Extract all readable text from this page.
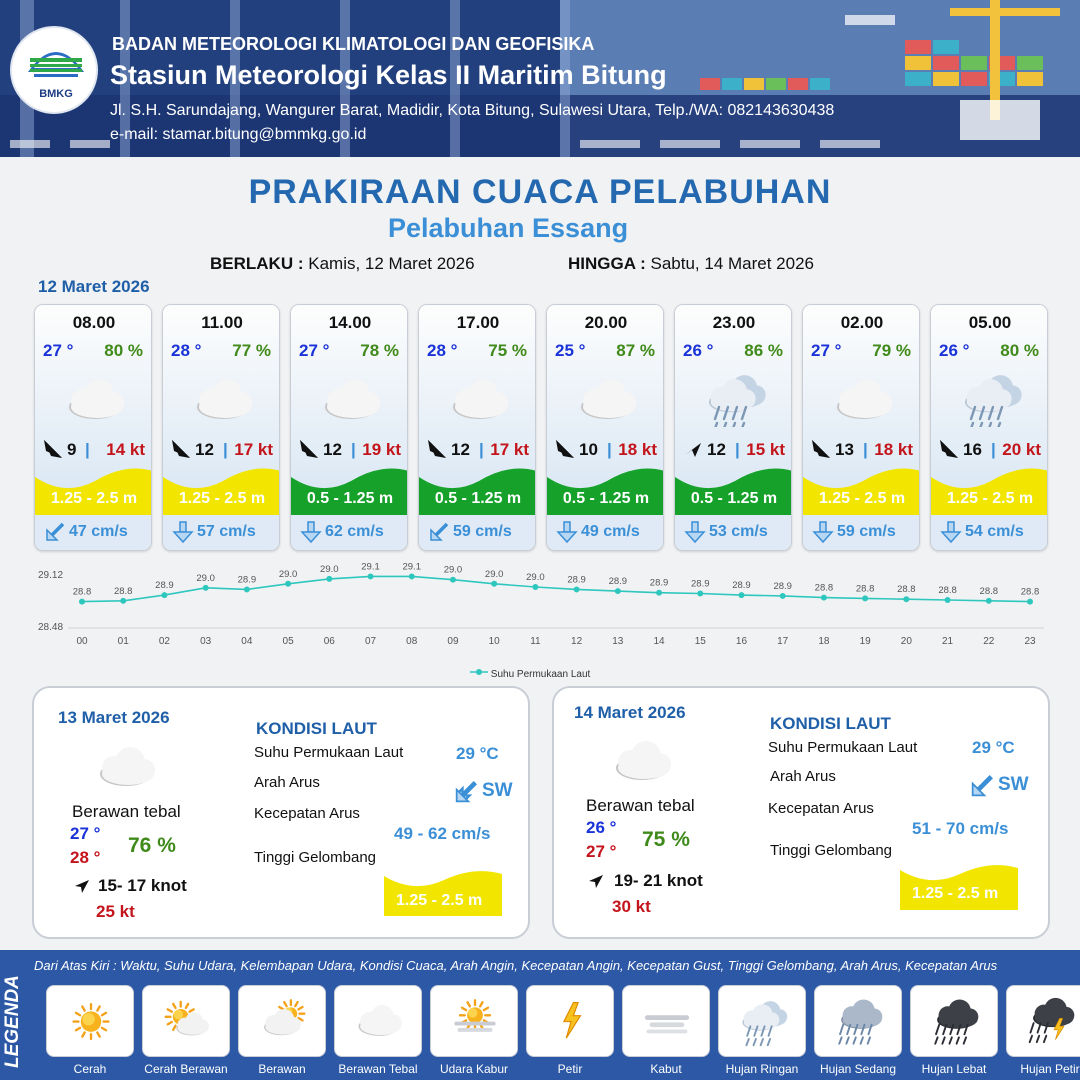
BMKG
BADAN METEOROLOGI KLIMATOLOGI DAN GEOFISIKA
Stasiun Meteorologi Kelas II Maritim Bitung
Jl. S.H. Sarundajang, Wangurer Barat, Madidir, Kota Bitung, Sulawesi Utara, Telp./WA: 082143630438
e-mail: stamar.bitung@bmmkg.go.id
PRAKIRAAN CUACA PELABUHAN
Pelabuhan Essang
BERLAKU : Kamis, 12 Maret 2026	HINGGA : Sabtu, 14 Maret 2026
12 Maret 2026
08.00
27 ° 80 %
9 | 14 kt
1.25 - 2.5 m
47 cm/s
11.00
28 ° 77 %
12 | 17 kt
1.25 - 2.5 m
57 cm/s
14.00
27 ° 78 %
12 | 19 kt
0.5 - 1.25 m
62 cm/s
17.00
28 ° 75 %
12 | 17 kt
0.5 - 1.25 m
59 cm/s
20.00
25 ° 87 %
10 | 18 kt
0.5 - 1.25 m
49 cm/s
23.00
26 ° 86 %
12 | 15 kt
0.5 - 1.25 m
53 cm/s
02.00
27 ° 79 %
13 | 18 kt
1.25 - 2.5 m
59 cm/s
05.00
26 ° 80 %
16 | 20 kt
1.25 - 2.5 m
54 cm/s
29.12
28.48
28.8
00
28.8
01
28.9
02
29.0
03
28.9
04
29.0
05
29.0
06
29.1
07
29.1
08
29.0
09
29.0
10
29.0
11
28.9
12
28.9
13
28.9
14
28.9
15
28.9
16
28.9
17
28.8
18
28.8
19
28.8
20
28.8
21
28.8
22
28.8
23
Suhu Permukaan Laut
13 Maret 2026
Berawan tebal
27 °
28 °
76 %
15- 17 knot
25 kt
KONDISI LAUT
Suhu Permukaan Laut	29 °C
Arah Arus	SW
Kecepatan Arus
49 - 62 cm/s
Tinggi Gelombang
1.25 - 2.5 m
14 Maret 2026
Berawan tebal
26 °
27 °
75 %
19- 21 knot
30 kt
KONDISI LAUT
Suhu Permukaan Laut	29 °C
Arah Arus	SW
Kecepatan Arus
51 - 70 cm/s
Tinggi Gelombang
1.25 - 2.5 m
LEGENDA
Dari Atas Kiri : Waktu, Suhu Udara, Kelembapan Udara, Kondisi Cuaca, Arah Angin, Kecepatan Angin, Kecepatan Gust, Tinggi Gelombang, Arah Arus, Kecepatan Arus
Cerah	Cerah Berawan	Berawan	Berawan Tebal	Udara Kabur	Petir	Kabut	Hujan Ringan	Hujan Sedang	Hujan Lebat	Hujan Petir
